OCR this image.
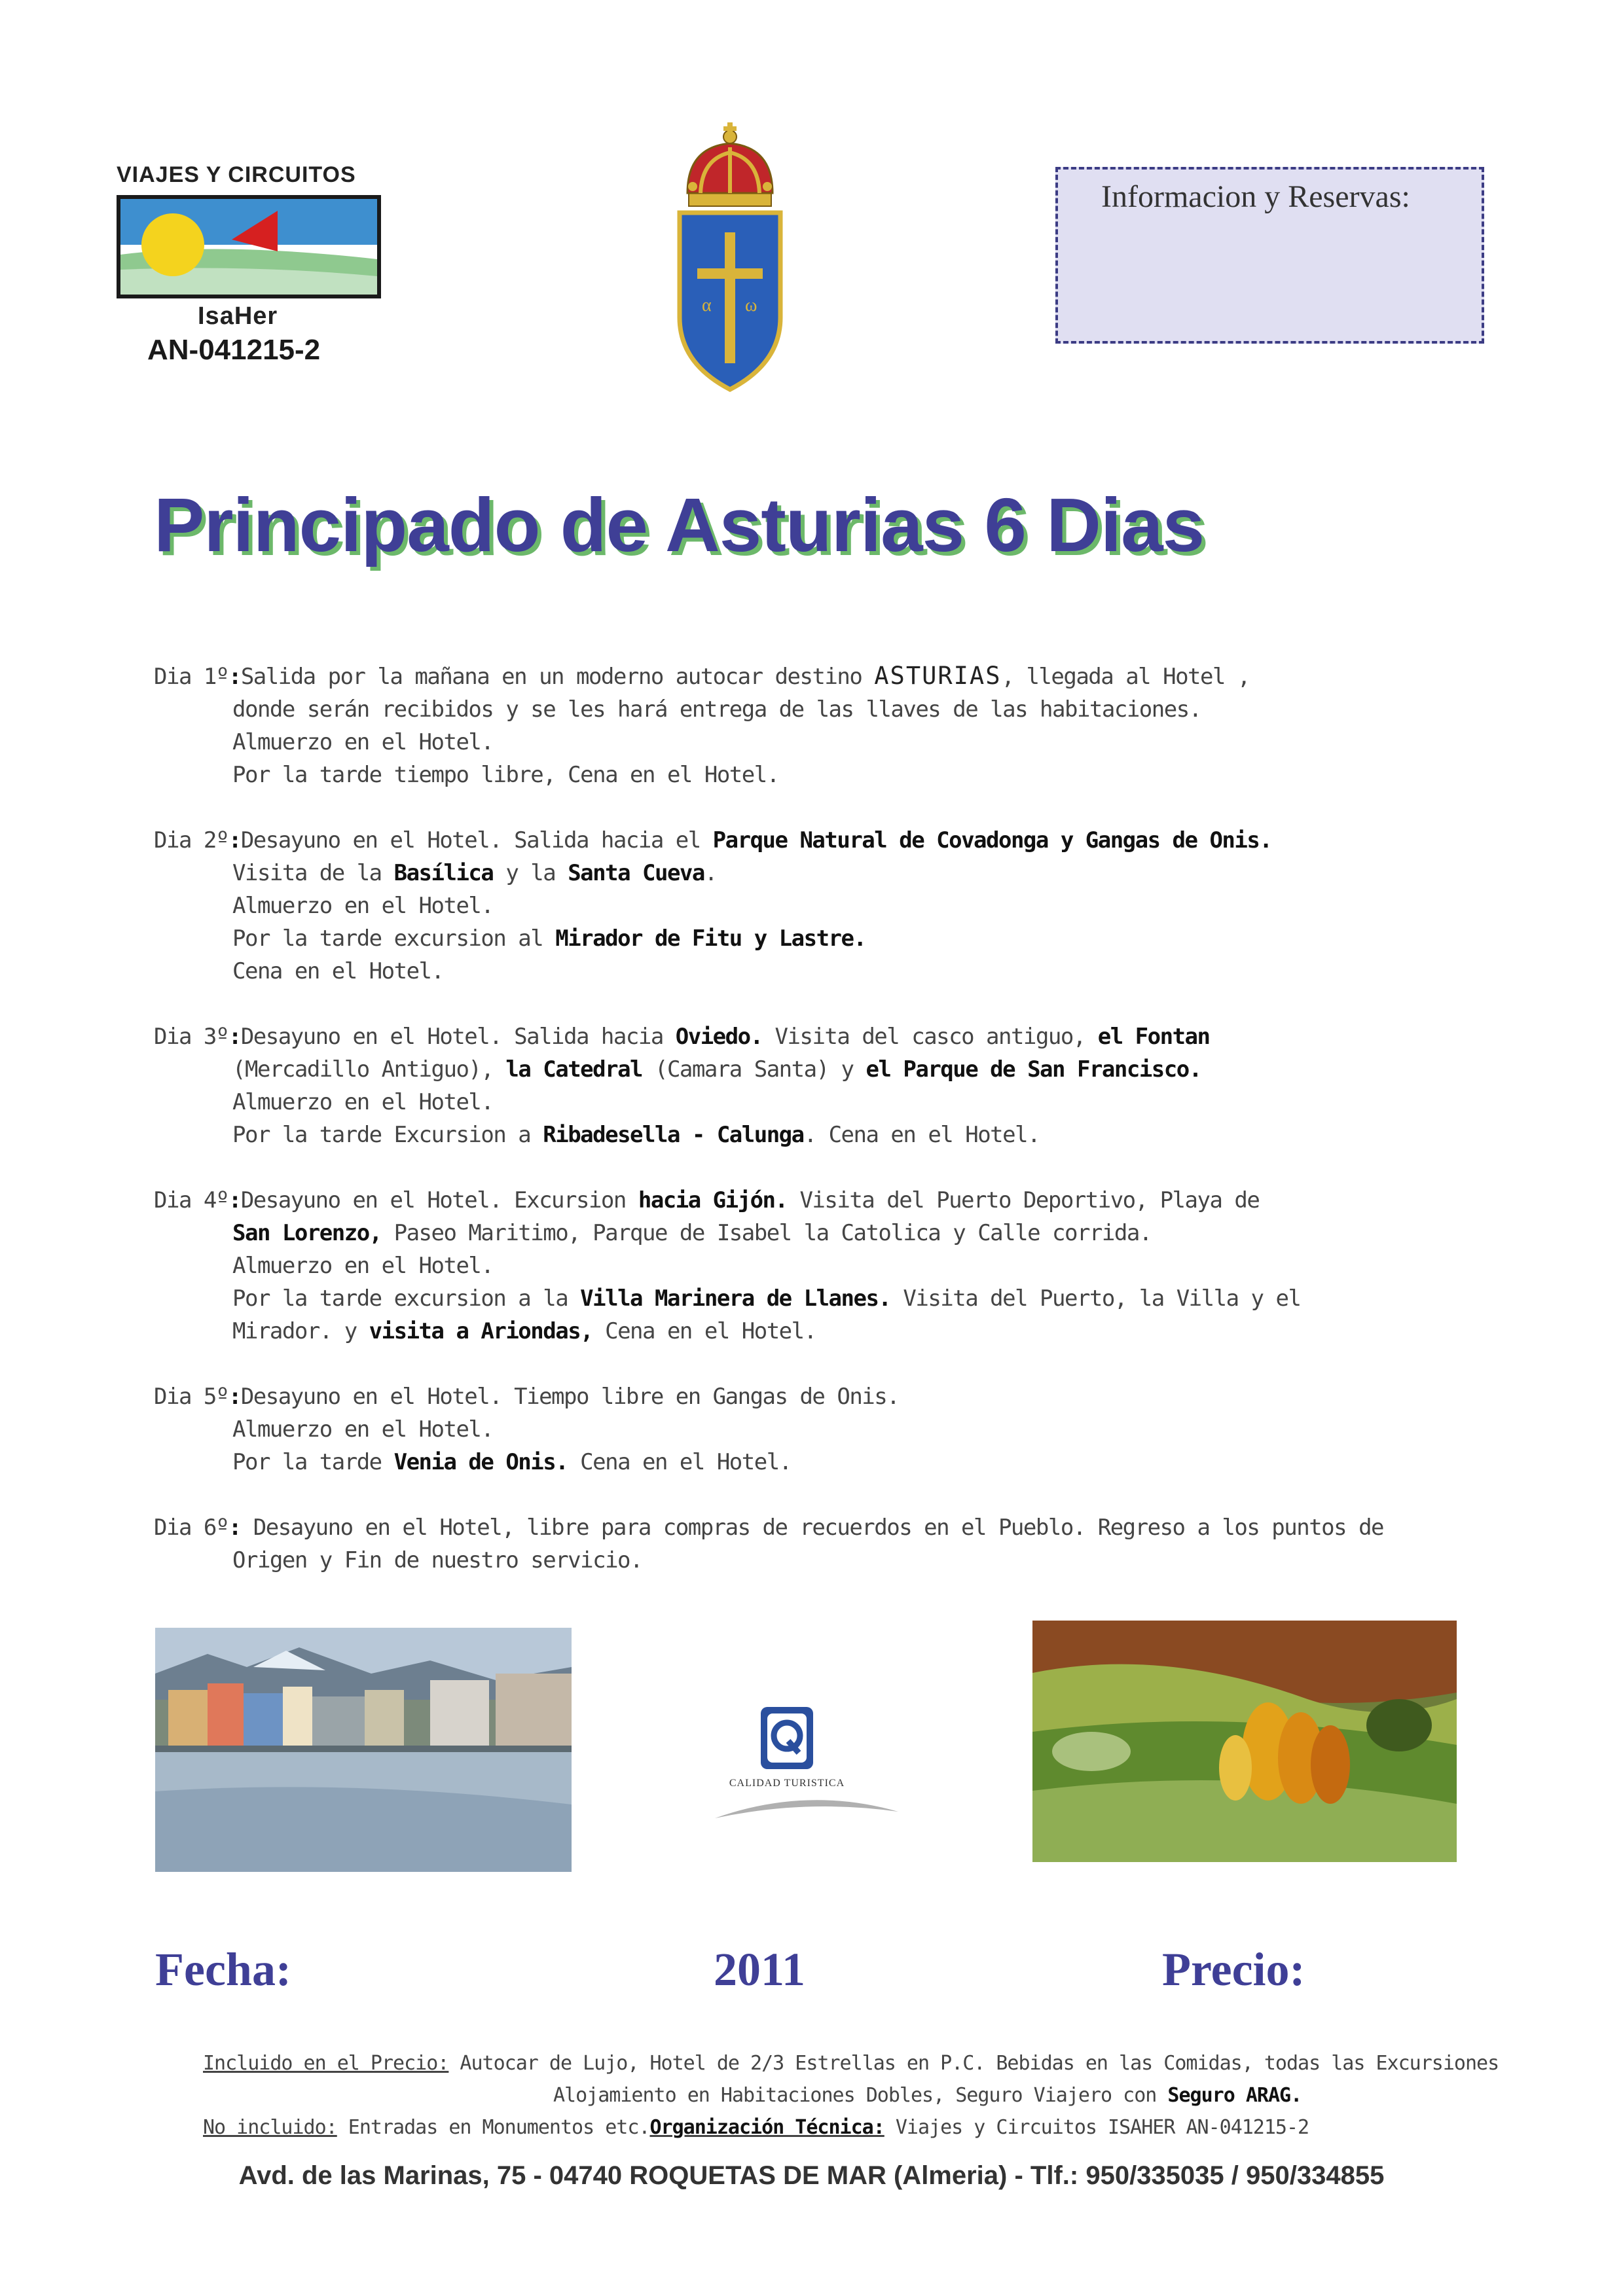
VIAJES Y CIRCUITOS
IsaHer
AN-041215-2
α ω
Informacion y Reservas:
Principado de Asturias 6 Dias
Dia 1º:Salida por la mañana en un moderno autocar destino ASTURIAS, llegada al Hotel ,
donde serán recibidos y se les hará entrega de las llaves de las habitaciones.
Almuerzo en el Hotel.
Por la tarde tiempo libre, Cena en el Hotel.
Dia 2º:Desayuno en el Hotel. Salida hacia el Parque Natural de Covadonga y Gangas de Onis.
Visita de la Basílica y la Santa Cueva.
Almuerzo en el Hotel.
Por la tarde excursion al Mirador de Fitu y Lastre.
Cena en el Hotel.
Dia 3º:Desayuno en el Hotel. Salida hacia Oviedo. Visita del casco antiguo, el Fontan
(Mercadillo Antiguo), la Catedral (Camara Santa) y el Parque de San Francisco.
Almuerzo en el Hotel.
Por la tarde Excursion a Ribadesella - Calunga. Cena en el Hotel.
Dia 4º:Desayuno en el Hotel. Excursion hacia Gijón. Visita del Puerto Deportivo, Playa de
San Lorenzo, Paseo Maritimo, Parque de Isabel la Catolica y Calle corrida.
Almuerzo en el Hotel.
Por la tarde excursion a la Villa Marinera de Llanes. Visita del Puerto, la Villa y el
Mirador. y visita a Ariondas, Cena en el Hotel.
Dia 5º:Desayuno en el Hotel. Tiempo libre en Gangas de Onis.
Almuerzo en el Hotel.
Por la tarde Venia de Onis. Cena en el Hotel.
Dia 6º: Desayuno en el Hotel, libre para compras de recuerdos en el Pueblo. Regreso a los puntos de
Origen y Fin de nuestro servicio.
CALIDAD TURISTICA
Fecha:	2011	Precio:
Incluido en el Precio: Autocar de Lujo, Hotel de 2/3 Estrellas en P.C. Bebidas en las Comidas, todas las Excursiones
Alojamiento en Habitaciones Dobles, Seguro Viajero con Seguro ARAG.
No incluido: Entradas en Monumentos etc.Organización Técnica: Viajes y Circuitos ISAHER AN-041215-2
Avd. de las Marinas, 75 - 04740 ROQUETAS DE MAR (Almeria) - Tlf.: 950/335035 / 950/334855
